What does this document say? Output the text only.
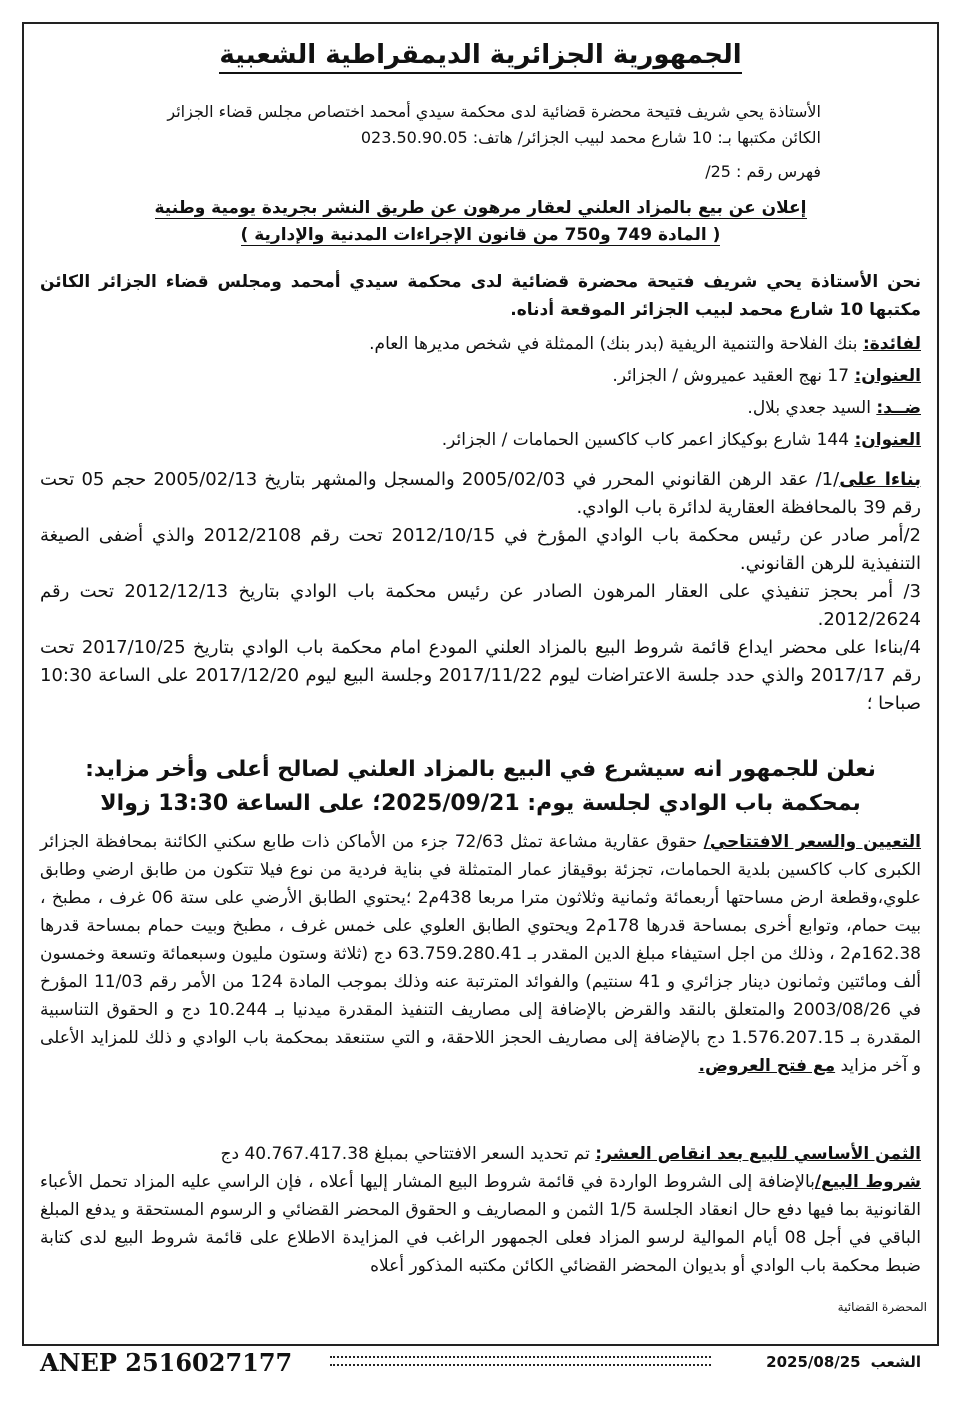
الجمهورية الجزائرية الديمقراطية الشعبية
الأستاذة يحي شريف فتيحة محضرة قضائية لدى محكمة سيدي أمحمد اختصاص مجلس قضاء الجزائر
الكائن مكتبها بـ: 10 شارع محمد لبيب الجزائر/ هاتف: 023.50.90.05
فهرس رقم : 25/
إعلان عن بيع بالمزاد العلني لعقار مرهون عن طريق النشر بجريدة يومية وطنية
( المادة 749 و750 من قانون الإجراءات المدنية والإدارية )
نحن الأستاذة يحي شريف فتيحة محضرة قضائية لدى محكمة سيدي أمحمد ومجلس قضاء الجزائر الكائن مكتبها 10 شارع محمد لبيب الجزائر الموقعة أدناه.
لفائدة: بنك الفلاحة والتنمية الريفية (بدر بنك) الممثلة في شخص مديرها العام.
العنوان: 17 نهج العقيد عميروش / الجزائر.
ضــد: السيد جعدي بلال.
العنوان: 144 شارع بوكيكاز اعمر كاب كاكسين الحمامات / الجزائر.
بناءا على/1/ عقد الرهن القانوني المحرر في 2005/02/03 والمسجل والمشهر بتاريخ 2005/02/13 حجم 05 تحت رقم 39 بالمحافظة العقارية لدائرة باب الوادي.
2/أمر صادر عن رئيس محكمة باب الوادي المؤرخ في 2012/10/15 تحت رقم 2012/2108 والذي أضفى الصيغة التنفيذية للرهن القانوني.
3/ أمر بحجز تنفيذي على العقار المرهون الصادر عن رئيس محكمة باب الوادي بتاريخ 2012/12/13 تحت رقم 2012/2624.
4/بناءا على محضر ايداع قائمة شروط البيع بالمزاد العلني المودع امام محكمة باب الوادي بتاريخ 2017/10/25 تحت رقم 2017/17 والذي حدد جلسة الاعتراضات ليوم 2017/11/22 وجلسة البيع ليوم 2017/12/20 على الساعة 10:30 صباحا ؛
نعلن للجمهور انه سيشرع في البيع بالمزاد العلني لصالح أعلى وأخر مزايد:
بمحكمة باب الوادي لجلسة يوم: 2025/09/21؛ على الساعة 13:30 زوالا
التعيين والسعر الافتتاحي/ حقوق عقارية مشاعة تمثل 72/63 جزء من الأماكن ذات طابع سكني الكائنة بمحافظة الجزائر الكبرى كاب كاكسين بلدية الحمامات، تجزئة بوقيقاز عمار المتمثلة في بناية فردية من نوع فيلا تتكون من طابق ارضي وطابق علوي،وقطعة ارض مساحتها أربعمائة وثمانية وثلاثون مترا مربعا 438م2 ؛يحتوي الطابق الأرضي على ستة 06 غرف ، مطبخ ، بيت حمام، وتوابع أخرى بمساحة قدرها 178م2 ويحتوي الطابق العلوي على خمس غرف ، مطبخ وبيت حمام بمساحة قدرها 162.38م2 ، وذلك من اجل استيفاء مبلغ الدين المقدر بـ 63.759.280.41 دج (ثلاثة وستون مليون وسبعمائة وتسعة وخمسون ألف ومائتين وثمانون دينار جزائري و 41 سنتيم) والفوائد المترتبة عنه وذلك بموجب المادة 124 من الأمر رقم 11/03 المؤرخ في 2003/08/26 والمتعلق بالنقد والقرض بالإضافة إلى مصاريف التنفيذ المقدرة ميدنيا بـ 10.244 دج و الحقوق التناسبية المقدرة بـ 1.576.207.15 دج بالإضافة إلى مصاريف الحجز اللاحقة، و التي ستنعقد بمحكمة باب الوادي و ذلك للمزايد الأعلى و آخر مزايد مع فتح العروض.
الثمن الأساسي للبيع بعد انقاص العشر: تم تحديد السعر الافتتاحي بمبلغ 40.767.417.38 دج
شروط البيع/بالإضافة إلى الشروط الواردة في قائمة شروط البيع المشار إليها أعلاه ، فإن الراسي عليه المزاد تحمل الأعباء القانونية بما فيها دفع حال انعقاد الجلسة 1/5 الثمن و المصاريف و الحقوق المحضر القضائي و الرسوم المستحقة و يدفع المبلغ الباقي في أجل 08 أيام الموالية لرسو المزاد فعلى الجمهور الراغب في المزايدة الاطلاع على قائمة شروط البيع لدى كتابة ضبط محكمة باب الوادي أو بديوان المحضر القضائي الكائن مكتبه المذكور أعلاه
المحضرة القضائية
ANEP 2516027177	الشعب2025/08/25
